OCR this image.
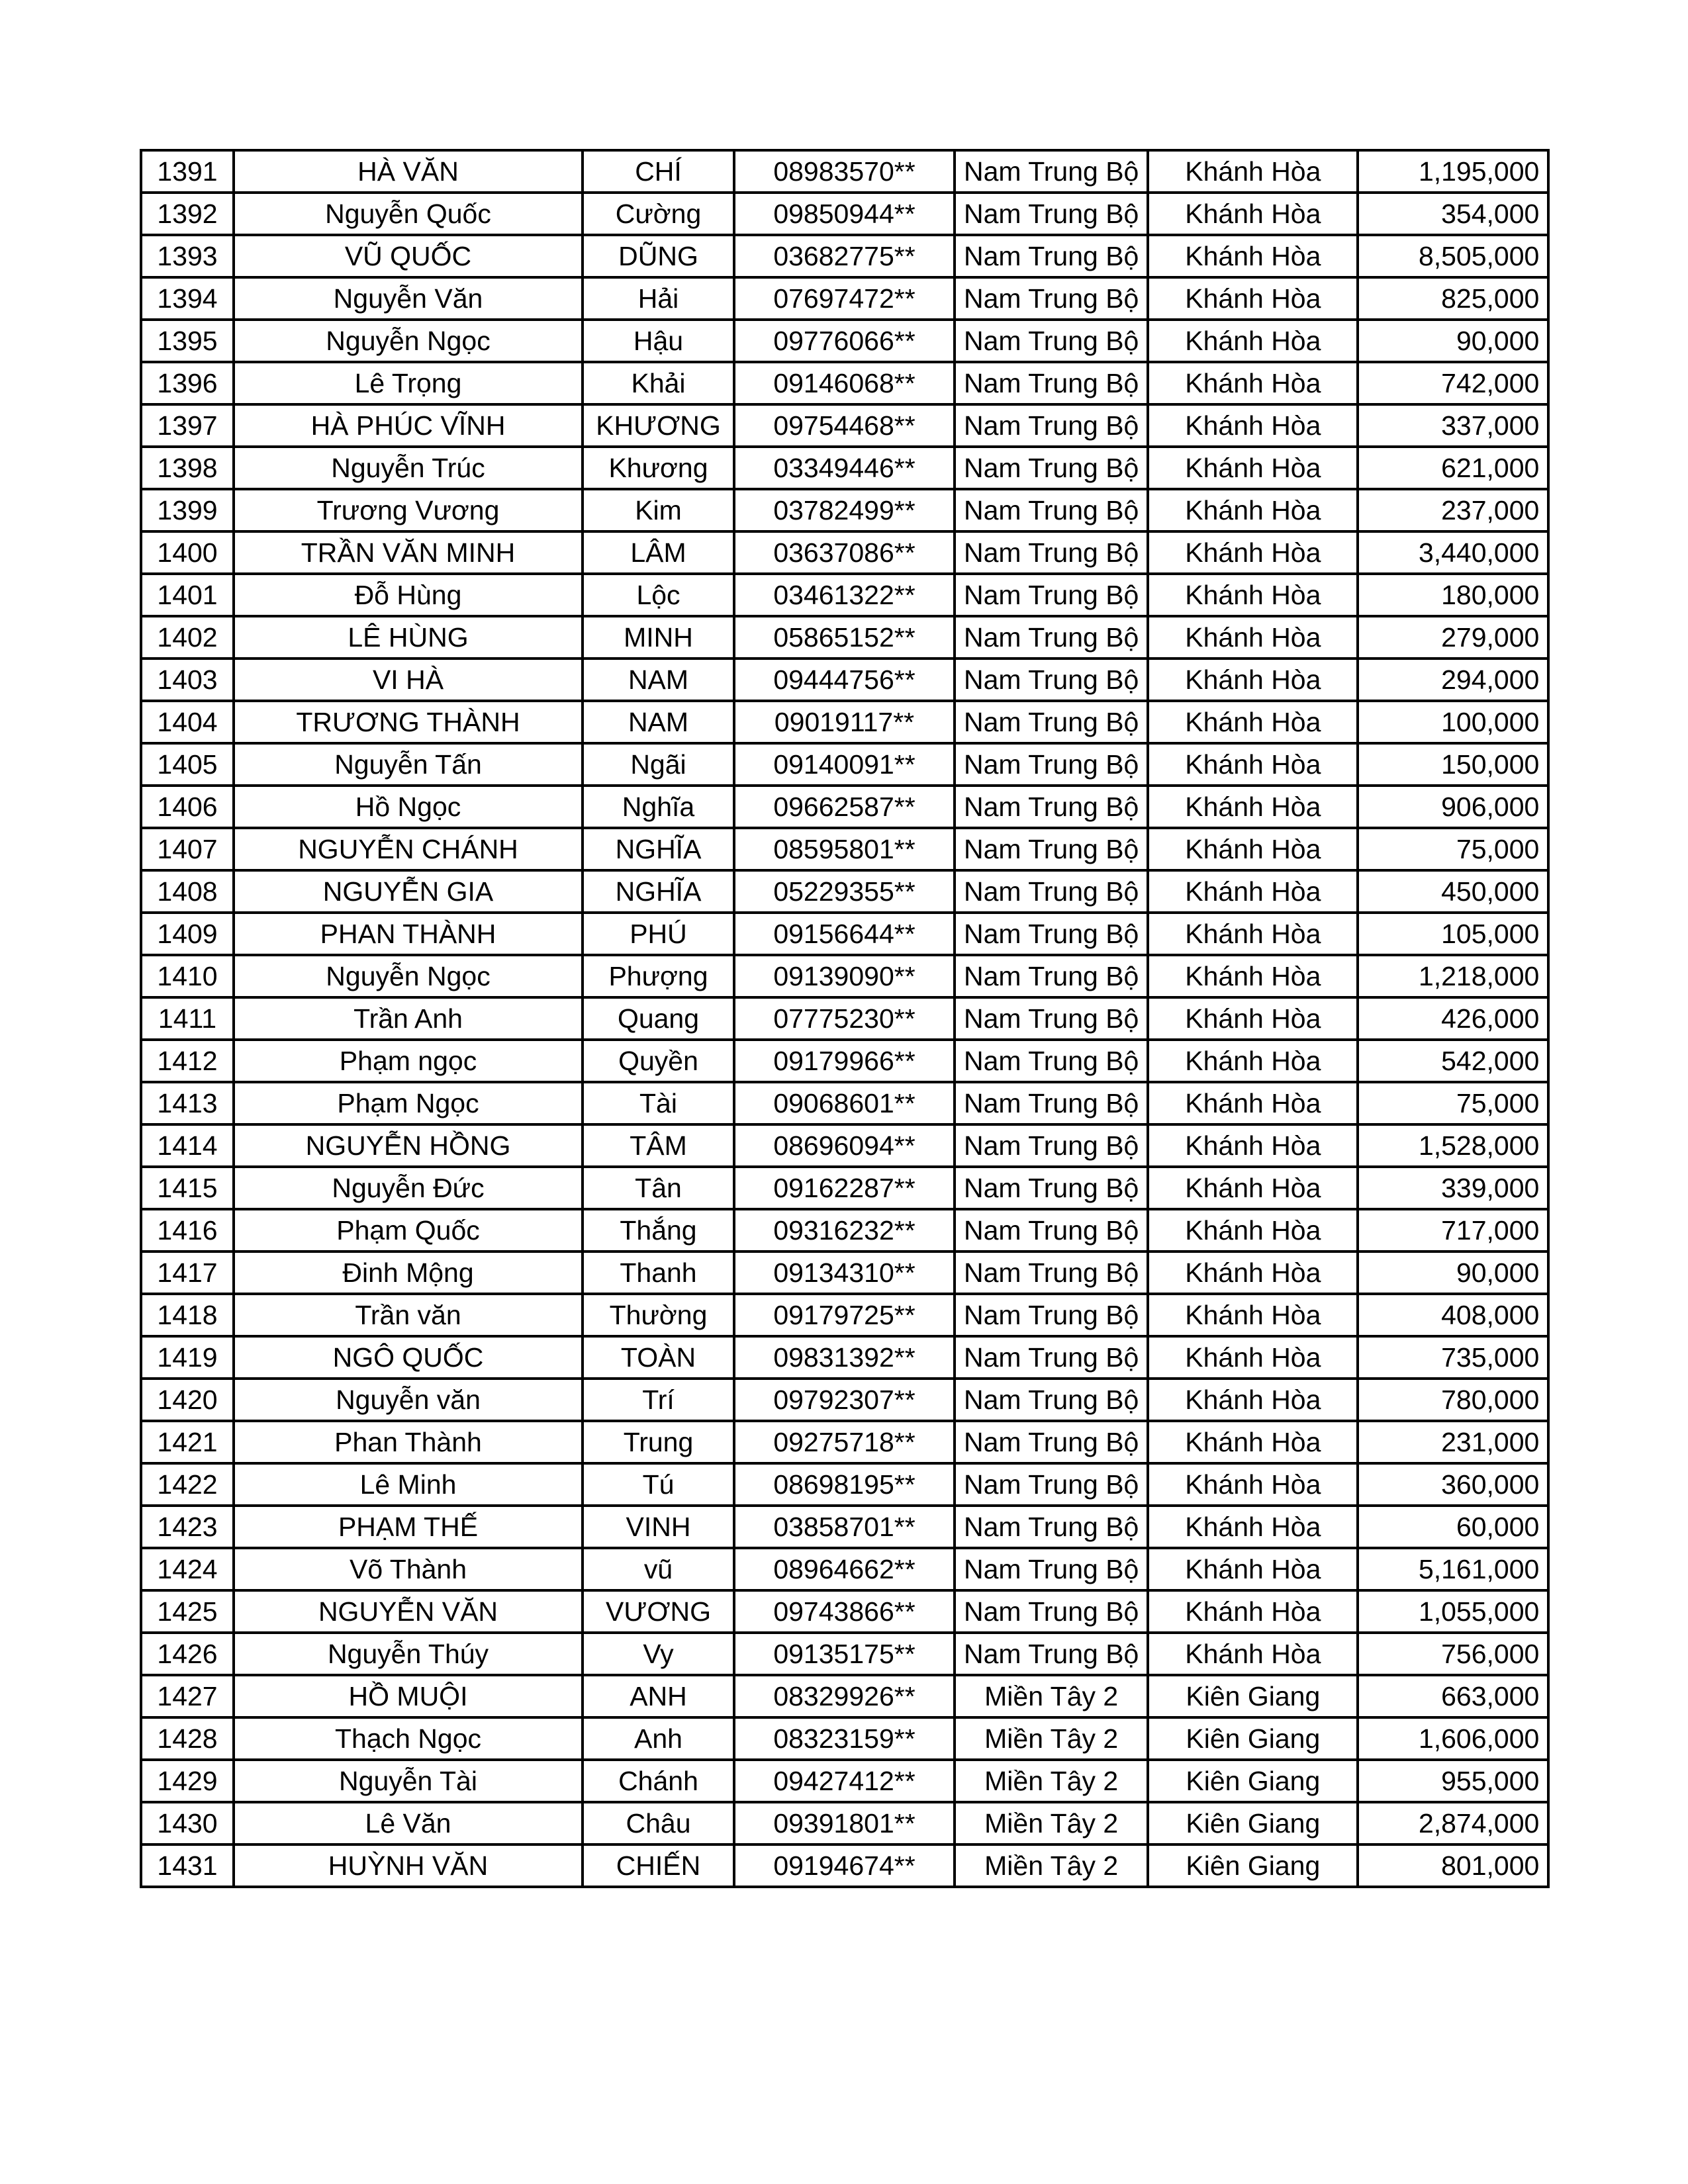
1391	HÀ VĂN	CHÍ	08983570**	Nam Trung Bộ	Khánh Hòa	1,195,000
1392	Nguyễn Quốc	Cường	09850944**	Nam Trung Bộ	Khánh Hòa	354,000
1393	VŨ QUỐC	DŨNG	03682775**	Nam Trung Bộ	Khánh Hòa	8,505,000
1394	Nguyễn Văn	Hải	07697472**	Nam Trung Bộ	Khánh Hòa	825,000
1395	Nguyễn Ngọc	Hậu	09776066**	Nam Trung Bộ	Khánh Hòa	90,000
1396	Lê Trọng	Khải	09146068**	Nam Trung Bộ	Khánh Hòa	742,000
1397	HÀ PHÚC VĨNH	KHƯƠNG	09754468**	Nam Trung Bộ	Khánh Hòa	337,000
1398	Nguyễn Trúc	Khương	03349446**	Nam Trung Bộ	Khánh Hòa	621,000
1399	Trương Vương	Kim	03782499**	Nam Trung Bộ	Khánh Hòa	237,000
1400	TRẦN VĂN MINH	LÂM	03637086**	Nam Trung Bộ	Khánh Hòa	3,440,000
1401	Đỗ Hùng	Lộc	03461322**	Nam Trung Bộ	Khánh Hòa	180,000
1402	LÊ HÙNG	MINH	05865152**	Nam Trung Bộ	Khánh Hòa	279,000
1403	VI HÀ	NAM	09444756**	Nam Trung Bộ	Khánh Hòa	294,000
1404	TRƯƠNG THÀNH	NAM	09019117**	Nam Trung Bộ	Khánh Hòa	100,000
1405	Nguyễn Tấn	Ngãi	09140091**	Nam Trung Bộ	Khánh Hòa	150,000
1406	Hồ Ngọc	Nghĩa	09662587**	Nam Trung Bộ	Khánh Hòa	906,000
1407	NGUYỄN CHÁNH	NGHĨA	08595801**	Nam Trung Bộ	Khánh Hòa	75,000
1408	NGUYỄN GIA	NGHĨA	05229355**	Nam Trung Bộ	Khánh Hòa	450,000
1409	PHAN THÀNH	PHÚ	09156644**	Nam Trung Bộ	Khánh Hòa	105,000
1410	Nguyễn Ngọc	Phượng	09139090**	Nam Trung Bộ	Khánh Hòa	1,218,000
1411	Trần Anh	Quang	07775230**	Nam Trung Bộ	Khánh Hòa	426,000
1412	Phạm ngọc	Quyền	09179966**	Nam Trung Bộ	Khánh Hòa	542,000
1413	Phạm Ngọc	Tài	09068601**	Nam Trung Bộ	Khánh Hòa	75,000
1414	NGUYỄN HỒNG	TÂM	08696094**	Nam Trung Bộ	Khánh Hòa	1,528,000
1415	Nguyễn Đức	Tân	09162287**	Nam Trung Bộ	Khánh Hòa	339,000
1416	Phạm Quốc	Thắng	09316232**	Nam Trung Bộ	Khánh Hòa	717,000
1417	Đinh Mộng	Thanh	09134310**	Nam Trung Bộ	Khánh Hòa	90,000
1418	Trần văn	Thường	09179725**	Nam Trung Bộ	Khánh Hòa	408,000
1419	NGÔ QUỐC	TOÀN	09831392**	Nam Trung Bộ	Khánh Hòa	735,000
1420	Nguyễn văn	Trí	09792307**	Nam Trung Bộ	Khánh Hòa	780,000
1421	Phan Thành	Trung	09275718**	Nam Trung Bộ	Khánh Hòa	231,000
1422	Lê Minh	Tú	08698195**	Nam Trung Bộ	Khánh Hòa	360,000
1423	PHẠM THẾ	VINH	03858701**	Nam Trung Bộ	Khánh Hòa	60,000
1424	Võ Thành	vũ	08964662**	Nam Trung Bộ	Khánh Hòa	5,161,000
1425	NGUYỄN VĂN	VƯƠNG	09743866**	Nam Trung Bộ	Khánh Hòa	1,055,000
1426	Nguyễn Thúy	Vy	09135175**	Nam Trung Bộ	Khánh Hòa	756,000
1427	HỒ MUỘI	ANH	08329926**	Miền Tây 2	Kiên Giang	663,000
1428	Thạch Ngọc	Anh	08323159**	Miền Tây 2	Kiên Giang	1,606,000
1429	Nguyễn Tài	Chánh	09427412**	Miền Tây 2	Kiên Giang	955,000
1430	Lê Văn	Châu	09391801**	Miền Tây 2	Kiên Giang	2,874,000
1431	HUỲNH VĂN	CHIẾN	09194674**	Miền Tây 2	Kiên Giang	801,000
